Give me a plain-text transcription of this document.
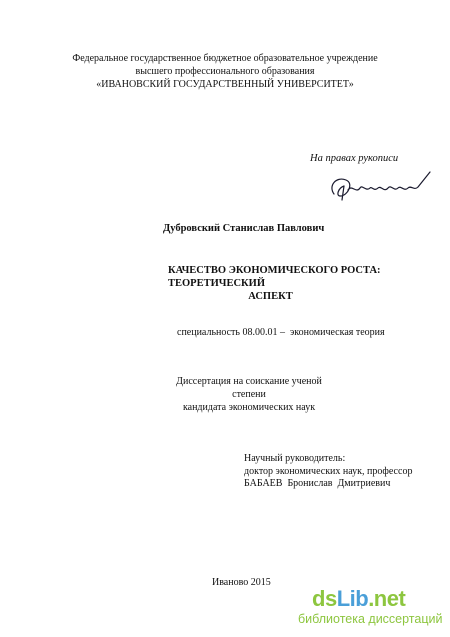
Федеральное государственное бюджетное образовательное учреждение
высшего профессионального образования
«ИВАНОВСКИЙ ГОСУДАРСТВЕННЫЙ УНИВЕРСИТЕТ»
На правах рукописи
Дубровский Станислав Павлович
КАЧЕСТВО ЭКОНОМИЧЕСКОГО РОСТА: ТЕОРЕТИЧЕСКИЙ
АСПЕКТ
специальность 08.00.01 –  экономическая теория
Диссертация на соискание ученой степени
кандидата экономических наук
Научный руководитель:
доктор экономических наук, профессор
БАБАЕВ  Бронислав  Дмитриевич
Иваново 2015
dsLib.net
библиотека диссертаций
